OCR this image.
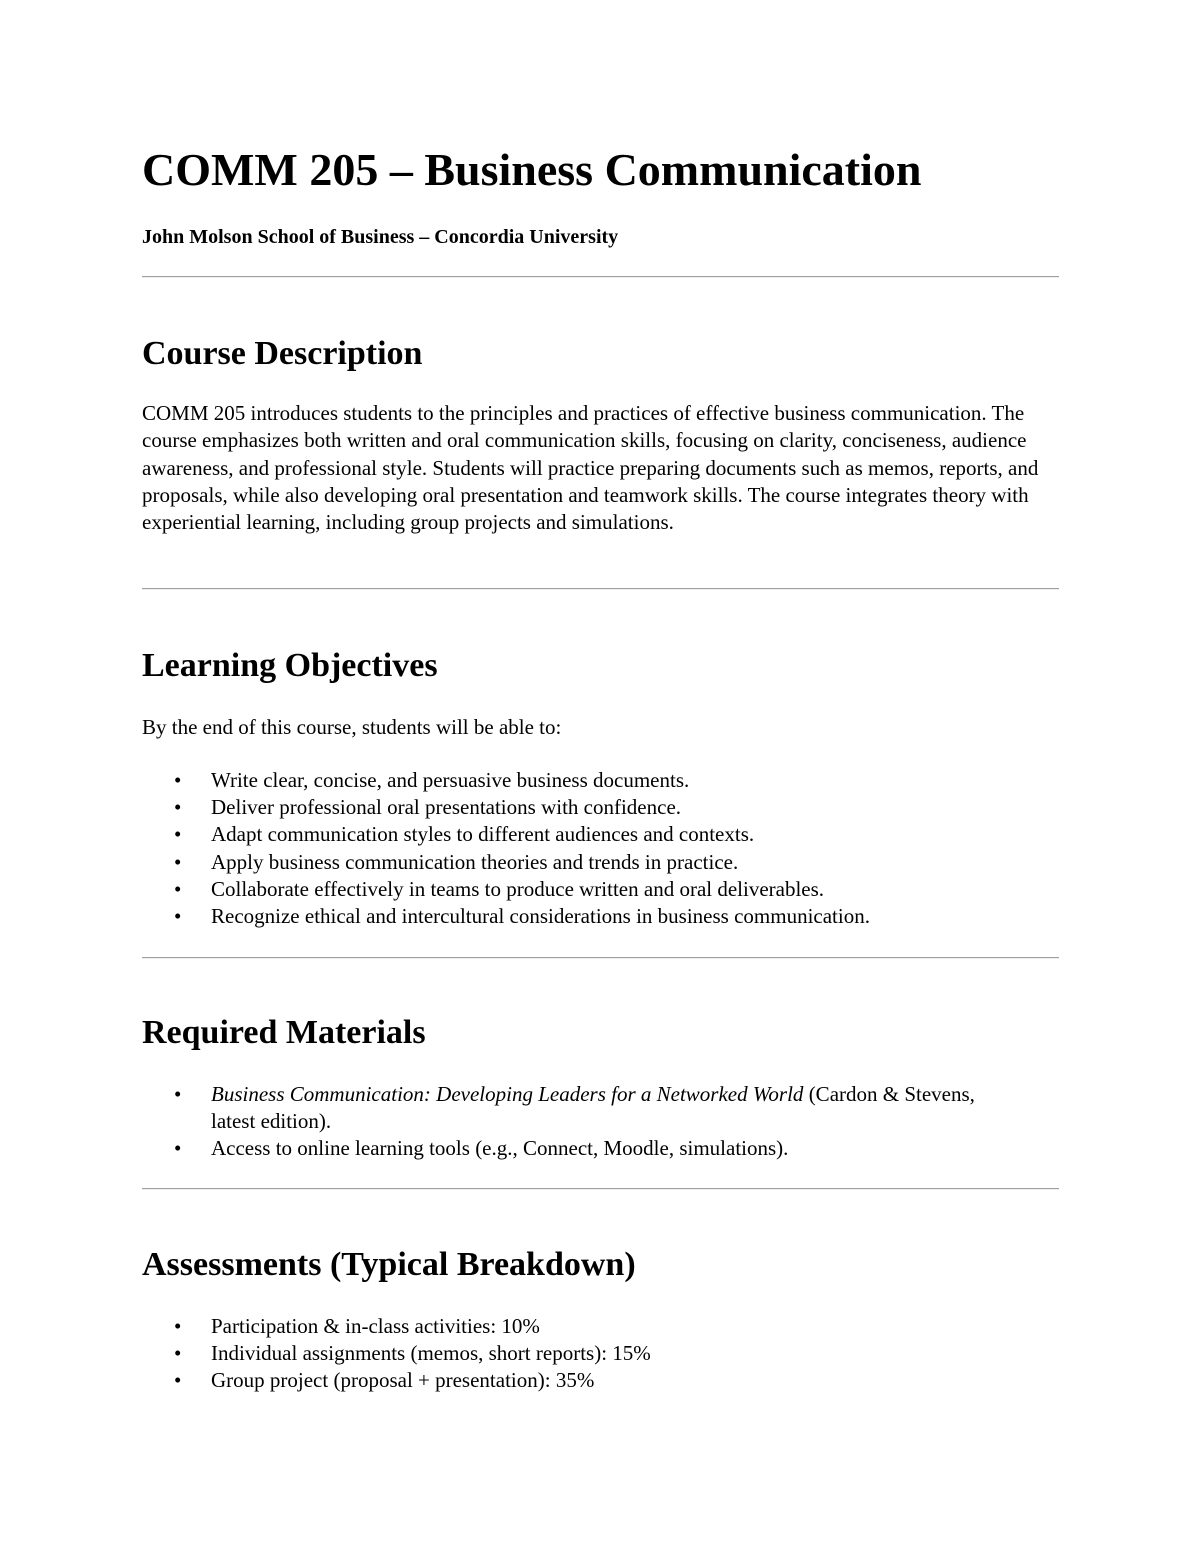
COMM 205 – Business Communication

John Molson School of Business – Concordia University

Course Description

COMM 205 introduces students to the principles and practices of effective business communication. The course emphasizes both written and oral communication skills, focusing on clarity, conciseness, audience awareness, and professional style. Students will practice preparing documents such as memos, reports, and proposals, while also developing oral presentation and teamwork skills. The course integrates theory with experiential learning, including group projects and simulations.

Learning Objectives

By the end of this course, students will be able to:

• Write clear, concise, and persuasive business documents.
• Deliver professional oral presentations with confidence.
• Adapt communication styles to different audiences and contexts.
• Apply business communication theories and trends in practice.
• Collaborate effectively in teams to produce written and oral deliverables.
• Recognize ethical and intercultural considerations in business communication.
Required Materials
• Business Communication: Developing Leaders for a Networked World (Cardon & Stevens, latest edition).
• Access to online learning tools (e.g., Connect, Moodle, simulations).
Assessments (Typical Breakdown)
• Participation & in-class activities: 10%
• Individual assignments (memos, short reports): 15%
• Group project (proposal + presentation): 35%
